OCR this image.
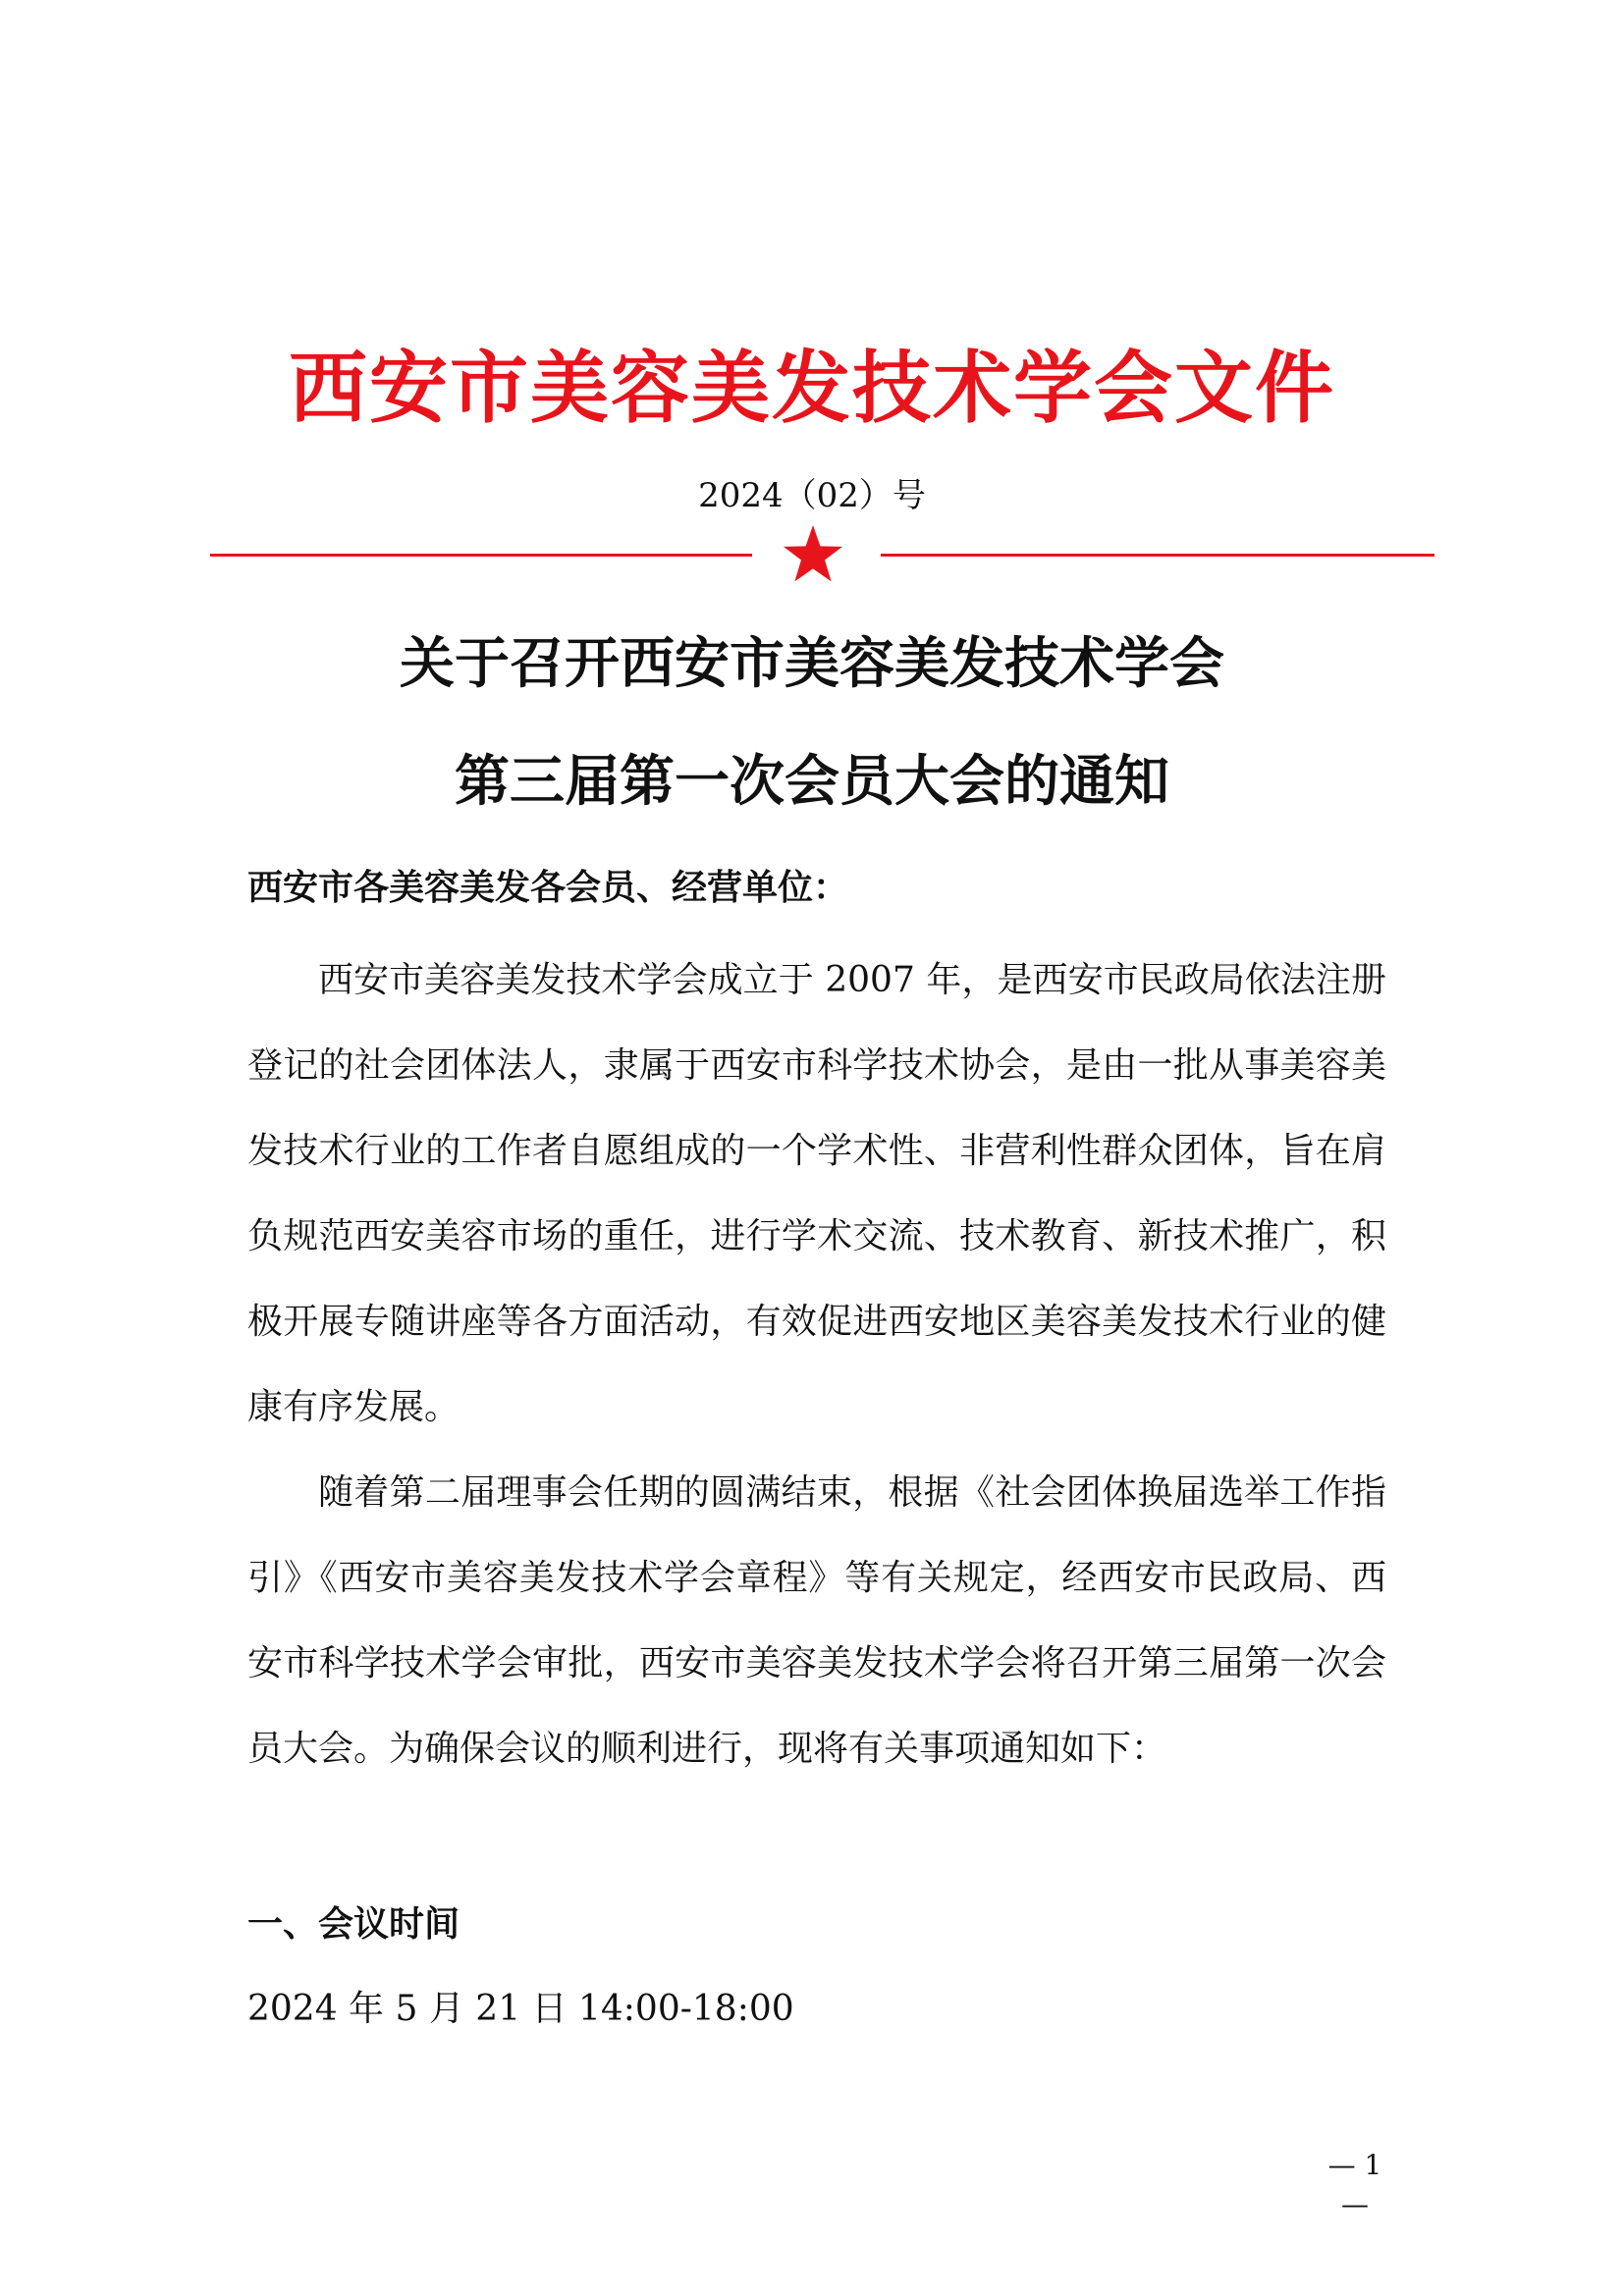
西安市美容美发技术学会文件
2024（02）号
关于召开西安市美容美发技术学会
第三届第一次会员大会的通知
西安市各美容美发各会员、经营单位：

西安市美容美发技术学会成立于 2007 年，是西安市民政局依法注册登记的社会团体法人，隶属于西安市科学技术协会，是由一批从事美容美发技术行业的工作者自愿组成的一个学术性、非营利性群众团体，旨在肩负规范西安美容市场的重任，进行学术交流、技术教育、新技术推广，积极开展专随讲座等各方面活动，有效促进西安地区美容美发技术行业的健康有序发展。

随着第二届理事会任期的圆满结束，根据《社会团体换届选举工作指引》《西安市美容美发技术学会章程》等有关规定，经西安市民政局、西安市科学技术学会审批，西安市美容美发技术学会将召开第三届第一次会员大会。为确保会议的顺利进行，现将有关事项通知如下：

一、会议时间
2024 年 5 月 21 日 14:00-18:00
— 1 —
